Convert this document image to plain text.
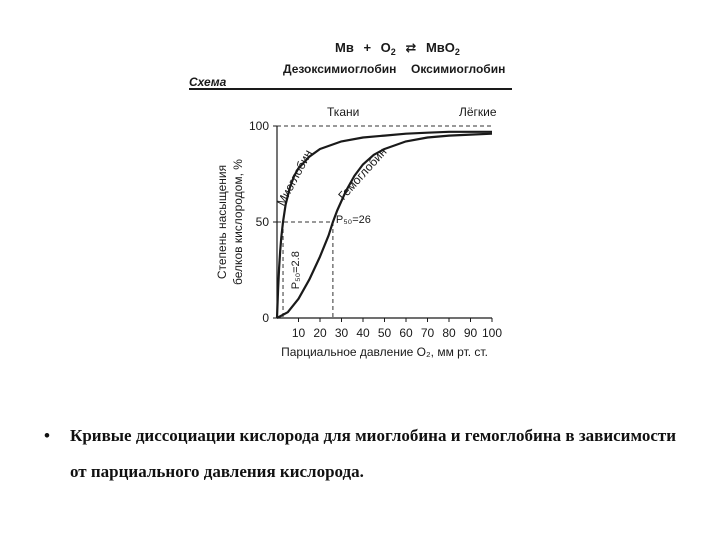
Мв + $O_2$ ⇄ МвO$_2$
Дезоксимиоглобин Оксимиоглобин
Схема
Ткани	Лёгкие
10 20 30 40 50 60 70 80 90 100
0
50
100
Парциальное давление O₂, мм рт. ст.
Степень насыщения белков кислородом, % Миоглобин Гемоглобин
P₅₀=2.8
P₅₀=26
• Кривые диссоциации кислорода для миоглобина и гемоглобина в зависимости от парциального давления кислорода.
